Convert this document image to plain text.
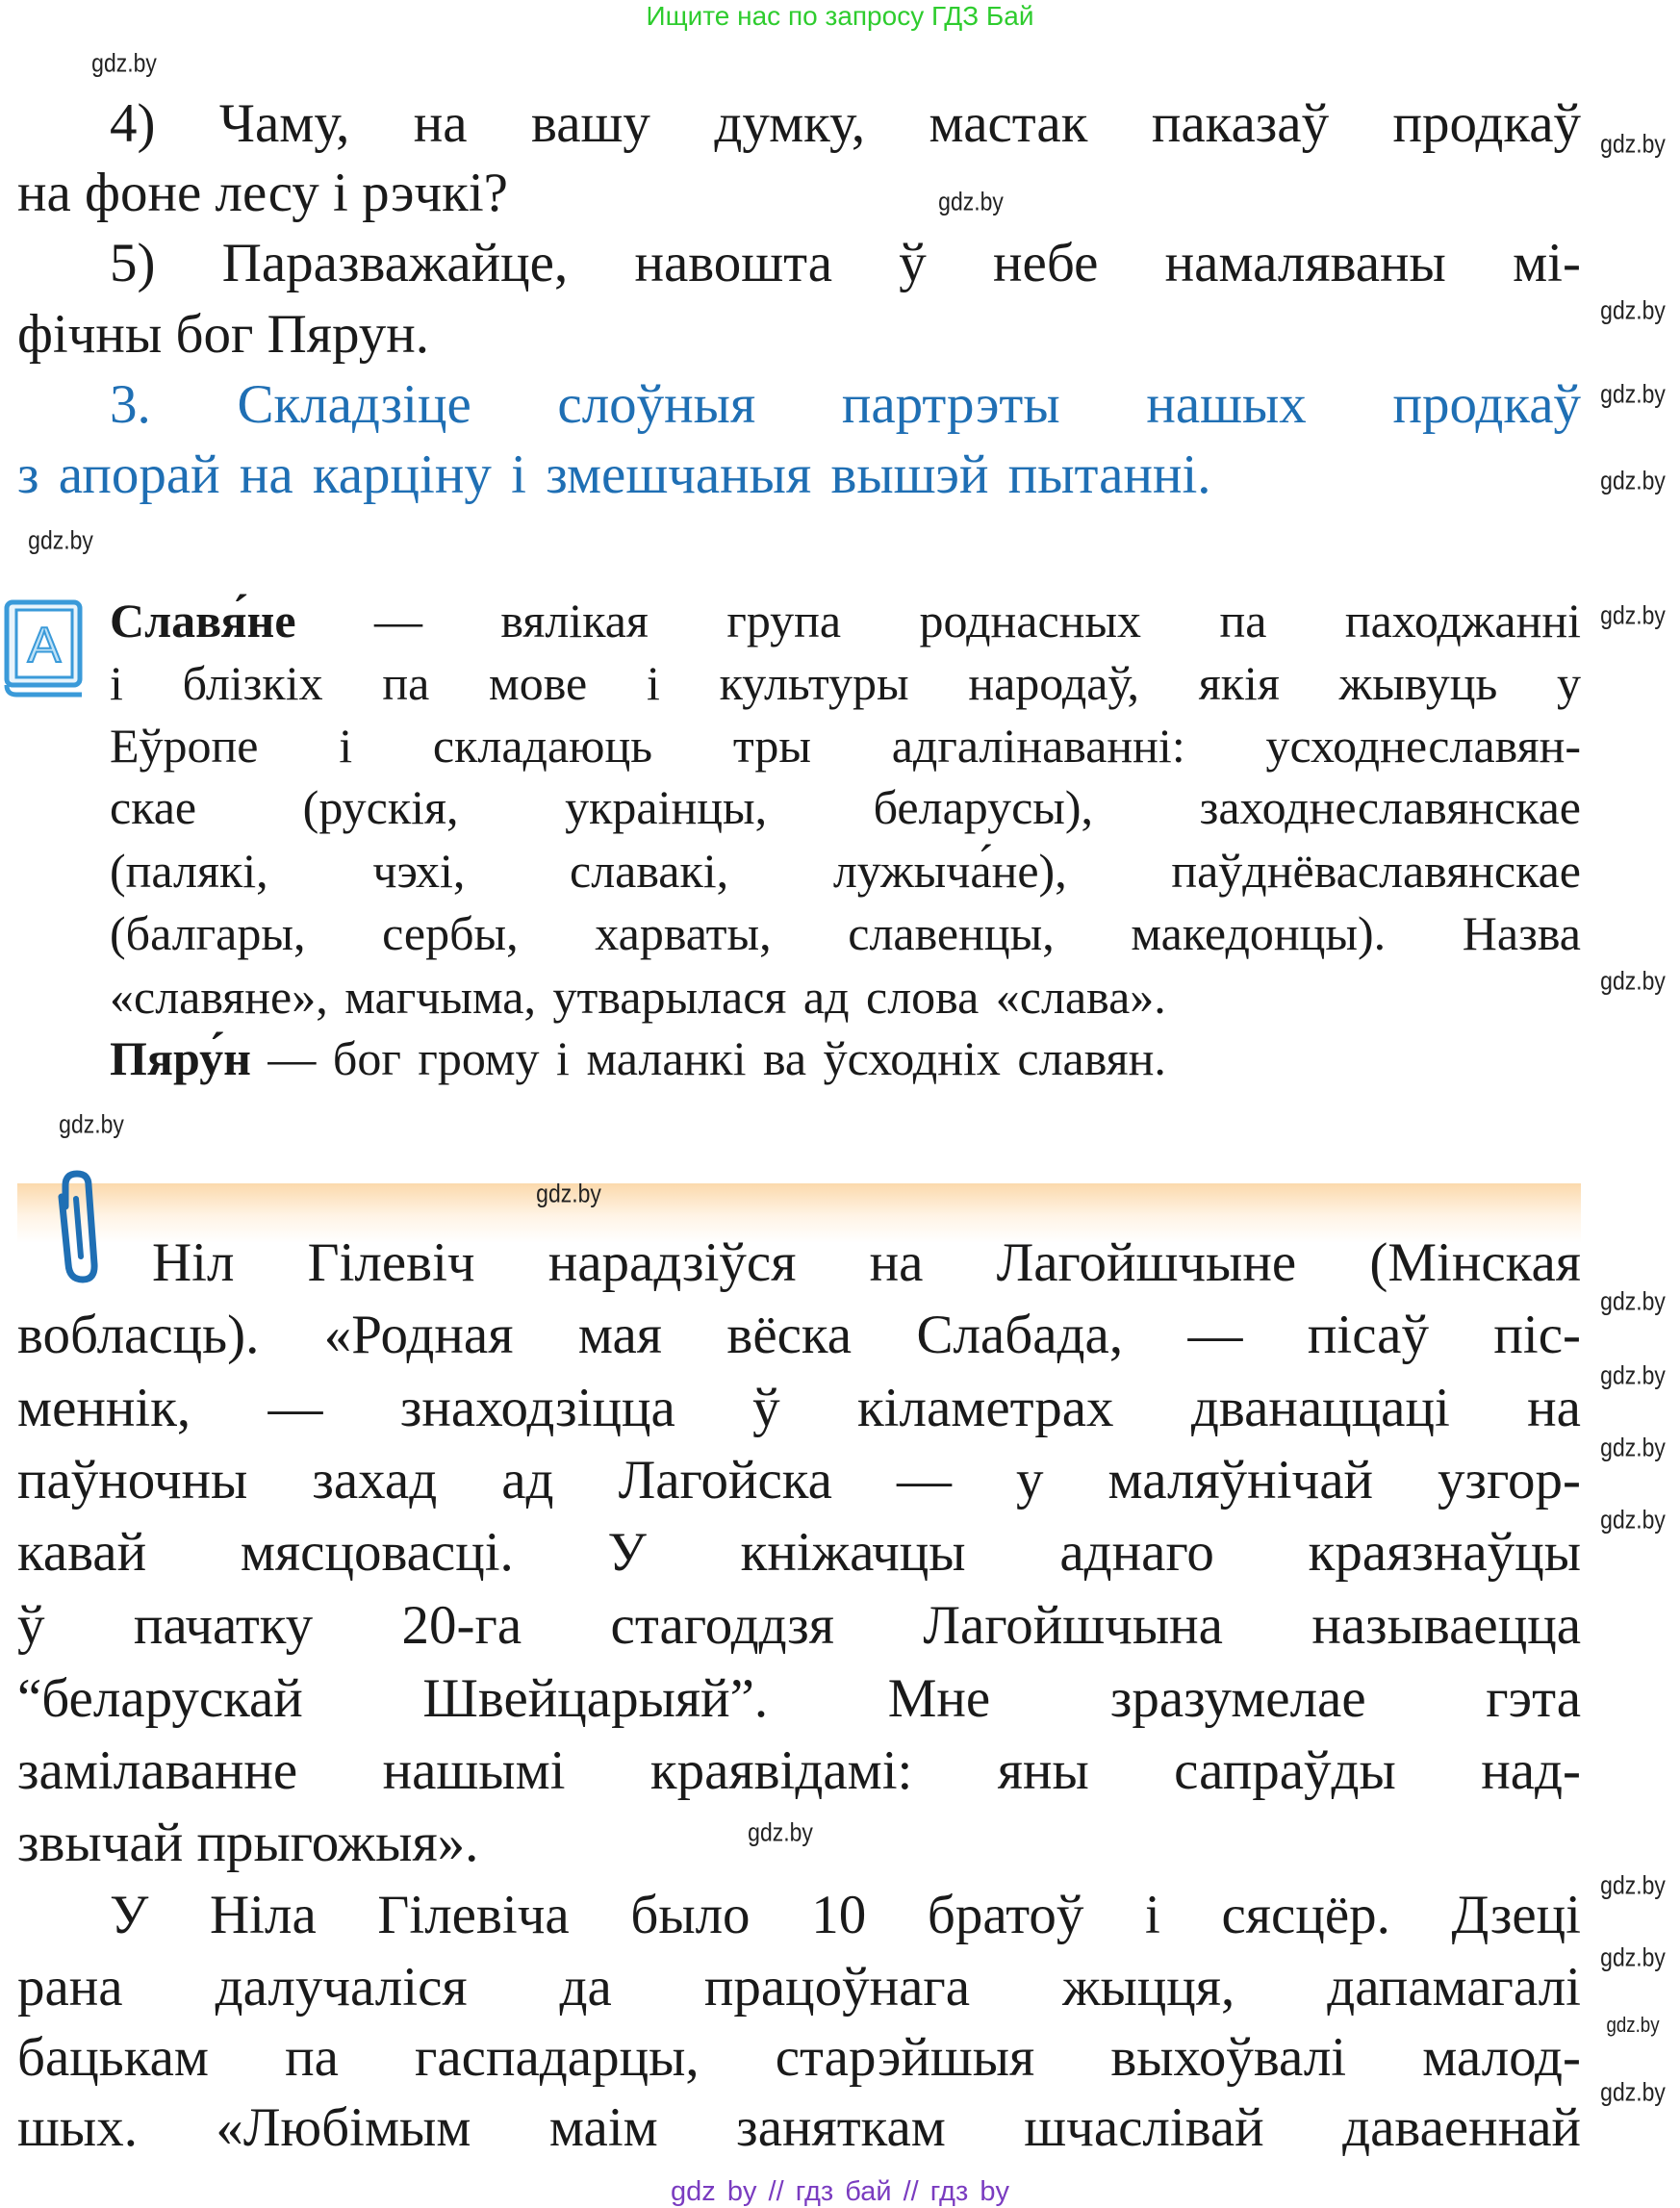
Ищите нас по запросу ГДЗ Бай
4) Чаму, на вашу думку, мастак паказаў продкаў
на фоне лесу і рэчкі?
5) Паразважайце, навошта ў небе намаляваны мі-
фічны бог Пярун.
3. Складзіце слоўныя партрэты нашых продкаў
з апорай на карціну і змешчаныя вышэй пытанні.
A Славя́не — вялікая група роднасных па паходжанні
і блізкіх па мове і культуры народаў, якія жывуць у
Еўропе і складаюць тры адгалінаванні: усходнеславян-
скае (рускія, украінцы, беларусы), заходнеславянскае
(палякі, чэхі, славакі, лужыча́не), паўднёваславянскае
(балгары, сербы, харваты, славенцы, македонцы). Назва
«славяне», магчыма, утварылася ад слова «слава».
Пяру́н — бог грому і маланкі ва ўсходніх славян.
Ніл Гілевіч нарадзіўся на Лагойшчыне (Мінская
вобласць). «Родная мая вёска Слабада, — пісаў піс-
меннік, — знаходзіцца ў кіламетрах дванаццаці на
паўночны захад ад Лагойска — у маляўнічай узгор-
кавай мясцовасці. У кніжачцы аднаго краязнаўцы
ў пачатку 20-га стагоддзя Лагойшчына называецца
“беларускай Швейцарыяй”. Мне зразумелае гэта
замілаванне нашымі краявідамі: яны сапраўды над-
звычай прыгожыя».
У Ніла Гілевіча было 10 братоў і сясцёр. Дзеці
рана далучаліся да працоўнага жыцця, дапамагалі
бацькам па гаспадарцы, старэйшыя выхоўвалі малод-
шых. «Любімым маім заняткам шчаслівай даваеннай
gdz.by
gdz.by
gdz.by
gdz.by
gdz.by
gdz.by
gdz.by
gdz.by
gdz.by
gdz.by
gdz.by
gdz.by
gdz.by
gdz.by
gdz.by
gdz.by
gdz.by
gdz.by
gdz.by
gdz.by
gdz by // гдз бай // гдз by
